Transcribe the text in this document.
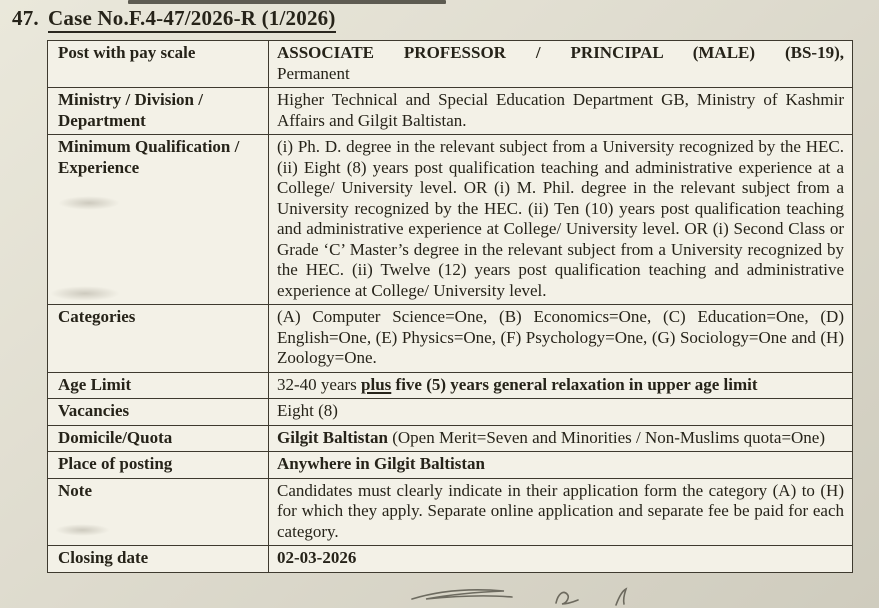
47. Case No.F.4-47/2026-R (1/2026)
Post with pay scale	ASSOCIATE PROFESSOR / PRINCIPAL (MALE) (BS-19),
Permanent

Ministry / Division / Department	Higher Technical and Special Education Department GB, Ministry of Kashmir Affairs and Gilgit Baltistan.
Minimum Qualification / Experience	(i) Ph. D. degree in the relevant subject from a University recognized by the HEC. (ii) Eight (8) years post qualification teaching and administrative experience at a College/ University level. OR (i) M. Phil. degree in the relevant subject from a University recognized by the HEC. (ii) Ten (10) years post qualification teaching and administrative experience at College/ University level. OR (i) Second Class or Grade ‘C’ Master’s degree in the relevant subject from a University recognized by the HEC. (ii) Twelve (12) years post qualification teaching and administrative experience at College/ University level.
Categories	(A) Computer Science=One, (B) Economics=One, (C) Education=One, (D) English=One, (E) Physics=One, (F) Psychology=One, (G) Sociology=One and (H) Zoology=One.
Age Limit	32-40 years plus five (5) years general relaxation in upper age limit
Vacancies	Eight (8)
Domicile/Quota	Gilgit Baltistan (Open Merit=Seven and Minorities / Non-Muslims quota=One)
Place of posting	Anywhere in Gilgit Baltistan
Note	Candidates must clearly indicate in their application form the category (A) to (H) for which they apply. Separate online application and separate fee be paid for each category.
Closing date	02-03-2026
